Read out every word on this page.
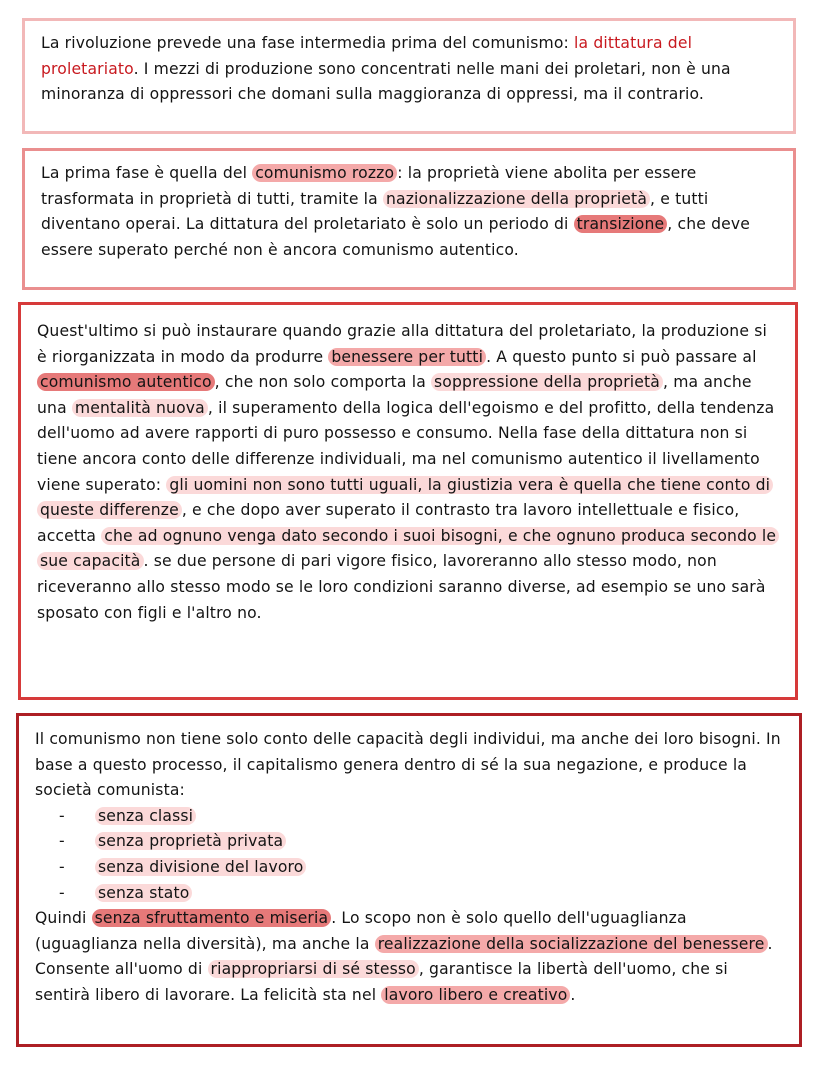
La rivoluzione prevede una fase intermedia prima del comunismo: la dittatura del proletariato. I mezzi di produzione sono concentrati nelle mani dei proletari, non è una minoranza di oppressori che domani sulla maggioranza di oppressi, ma il contrario.
La prima fase è quella del comunismo rozzo : la proprietà viene abolita per essere trasformata in proprietà di tutti, tramite la nazionalizzazione della proprietà , e tutti diventano operai. La dittatura del proletariato è solo un periodo di transizione , che deve essere superato perché non è ancora comunismo autentico.
Quest'ultimo si può instaurare quando grazie alla dittatura del proletariato, la produzione si è riorganizzata in modo da produrre benessere per tutti . A questo punto si può passare al comunismo autentico , che non solo comporta la soppressione della proprietà , ma anche una mentalità nuova , il superamento della logica dell'egoismo e del profitto, della tendenza dell'uomo ad avere rapporti di puro possesso e consumo. Nella fase della dittatura non si tiene ancora conto delle differenze individuali, ma nel comunismo autentico il livellamento viene superato: gli uomini non sono tutti uguali, la giustizia vera è quella che tiene conto di queste differenze , e che dopo aver superato il contrasto tra lavoro intellettuale e fisico, accetta che ad ognuno venga dato secondo i suoi bisogni, e che ognuno produca secondo le sue capacità . se due persone di pari vigore fisico, lavoreranno allo stesso modo, non riceveranno allo stesso modo se le loro condizioni saranno diverse, ad esempio se uno sarà sposato con figli e l'altro no.
Il comunismo non tiene solo conto delle capacità degli individui, ma anche dei loro bisogni. In base a questo processo, il capitalismo genera dentro di sé la sua negazione, e produce la società comunista:
- senza classi
- senza proprietà privata
- senza divisione del lavoro
- senza stato
Quindi senza sfruttamento e miseria . Lo scopo non è solo quello dell'uguaglianza (uguaglianza nella diversità), ma anche la realizzazione della socializzazione del benessere . Consente all'uomo di riappropriarsi di sé stesso , garantisce la libertà dell'uomo, che si sentirà libero di lavorare. La felicità sta nel lavoro libero e creativo .
